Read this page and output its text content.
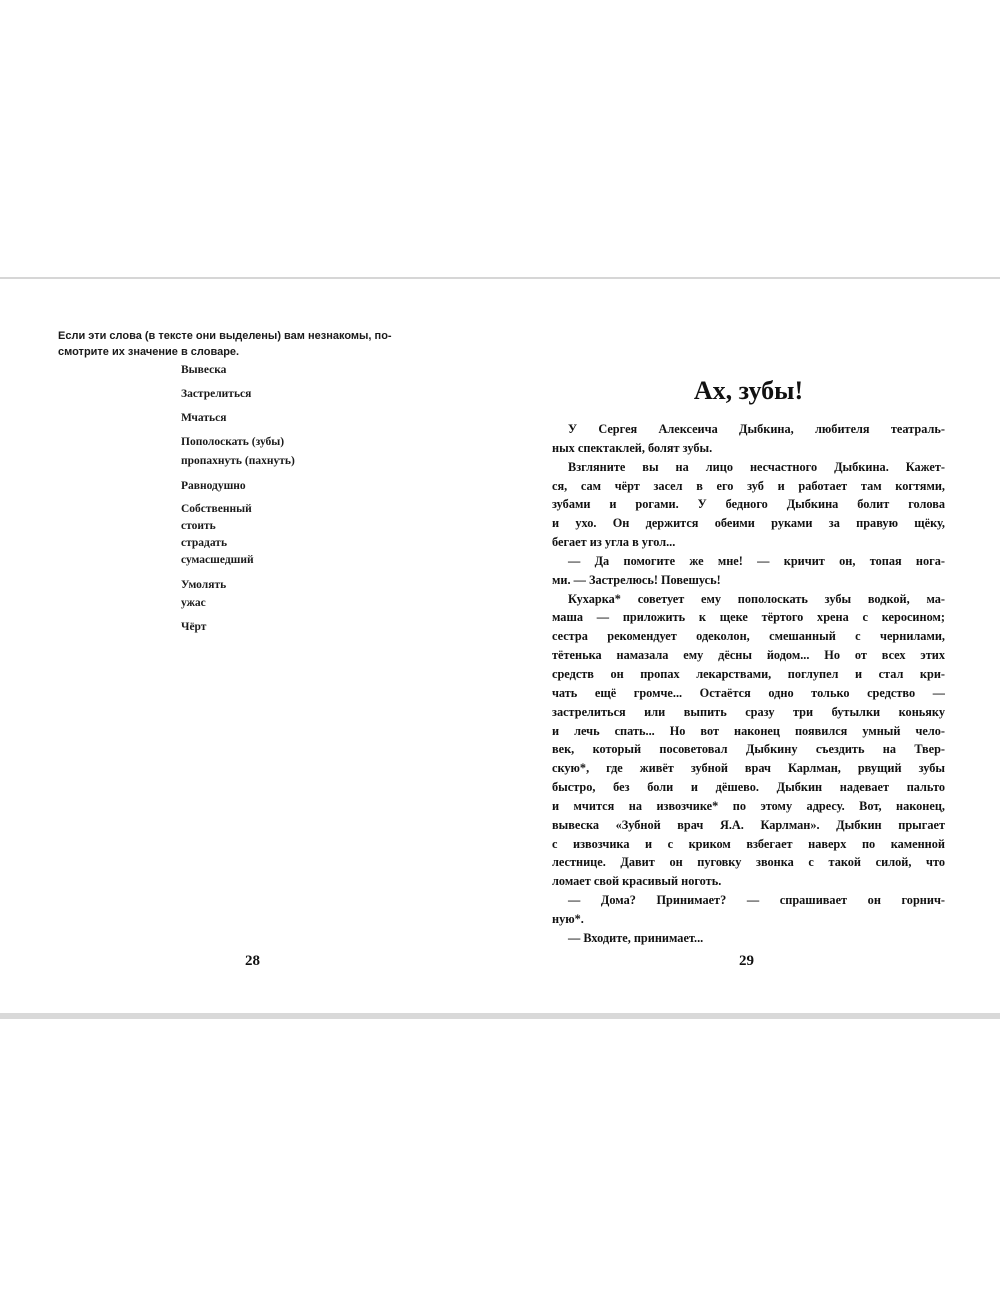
Если эти слова (в тексте они выделены) вам незнакомы, по-
смотрите их значение в словаре.
Вывеска
Застрелиться
Мчаться
Пополоскать (зубы)
пропахнуть (пахнуть)
Равнодушно
Собственный
стоить
страдать
сумасшедший
Умолять
ужас
Чёрт
28
Ах, зубы!
У Сергея Алексеича Дыбкина, любителя театраль-
ных спектаклей, болят зубы.
Взгляните вы на лицо несчастного Дыбкина. Кажет-
ся, сам чёрт засел в его зуб и работает там когтями,
зубами и рогами. У бедного Дыбкина болит голова
и ухо. Он держится обеими руками за правую щёку,
бегает из угла в угол...
— Да помогите же мне! — кричит он, топая нога-
ми. — Застрелюсь! Повешусь!
Кухарка* советует ему пополоскать зубы водкой, ма-
маша — приложить к щеке тёртого хрена с керосином;
сестра рекомендует одеколон, смешанный с чернилами,
тётенька намазала ему дёсны йодом... Но от всех этих
средств он пропах лекарствами, поглупел и стал кри-
чать ещё громче... Остаётся одно только средство —
застрелиться или выпить сразу три бутылки коньяку
и лечь спать... Но вот наконец появился умный чело-
век, который посоветовал Дыбкину съездить на Твер-
скую*, где живёт зубной врач Карлман, рвущий зубы
быстро, без боли и дёшево. Дыбкин надевает пальто
и мчится на извозчике* по этому адресу. Вот, наконец,
вывеска «Зубной врач Я.А. Карлман». Дыбкин прыгает
с извозчика и с криком взбегает наверх по каменной
лестнице. Давит он пуговку звонка с такой силой, что
ломает свой красивый ноготь.
— Дома? Принимает? — спрашивает он горнич-
ную*.
— Входите, принимает...
29
